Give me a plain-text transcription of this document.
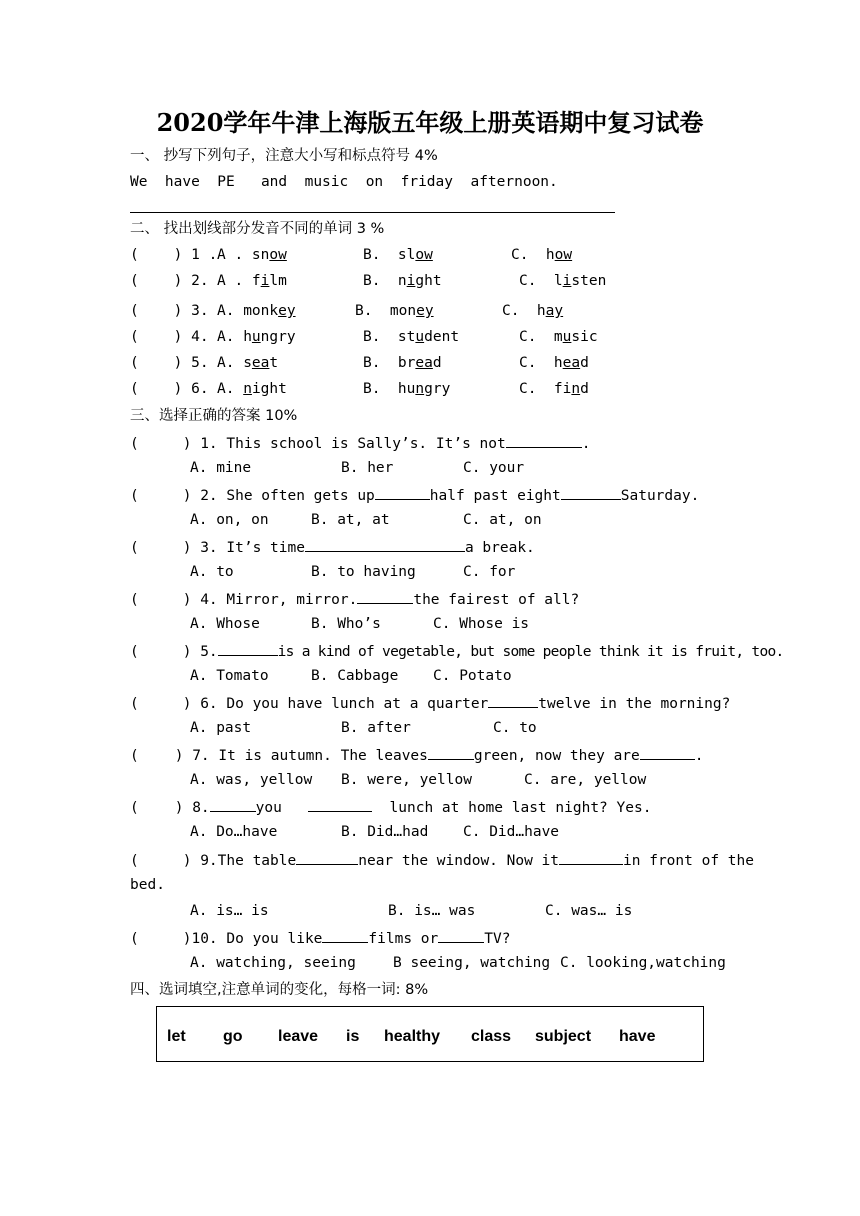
2020学年牛津上海版五年级上册英语期中复习试卷
一、 抄写下列句子，注意大小写和标点符号 4%
We  have  PE   and  music  on  friday  afternoon.
二、 找出划线部分发音不同的单词 3 %
(    ) 1 . A . snow	B.  slow	C.  how
(    ) 2. A . film	B.  night	C.  listen
(    ) 3. A. monkey	B.  money	C.  hay
(    ) 4. A. hungry	B.  student	C.  music
(    ) 5. A. seat	B.  bread	C.  head
(    ) 6. A. night	B.  hungry	C.  find
三、选择正确的答案 10%
(	) 1. This school is Sally’s. It’s not	.
A. mine	B. her	C. your
(	) 2. She often gets up	half past eight	Saturday.
A. on, on	B. at, at	C. at, on
(	) 3. It’s time	a break.
A. to	B. to having	C. for
(	) 4. Mirror, mirror.	the fairest of all?
A. Whose	B. Who’s	C. Whose is
(	) 5.	is a kind of vegetable, but some people think it is fruit, too.
A. Tomato	B. Cabbage C. Potato
(	) 6. Do you have lunch at a quarter	twelve in the morning?
A. past	B. after	C. to
( ) 7. It is autumn. The leaves	green, now they are	.
A. was, yellow B. were, yellow	C. are, yellow
( ) 8.	you	lunch at home last night? Yes.
A. Do…have	B. Did…had C. Did…have
(	) 9.The table	near the window. Now it	in front of the
bed.
A. is… is	B. is… was	C. was… is
(	)10. Do you like	films or	TV?
A. watching, seeing	B seeing, watching C. looking,watching
四、选词填空,注意单词的变化，每格一词: 8%
let go leave is healthy class subject have
